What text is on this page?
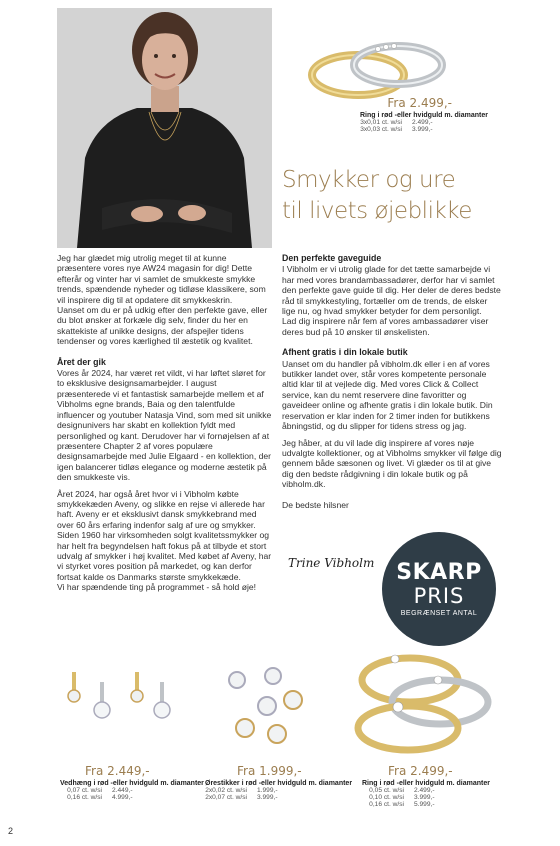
Fra 2.499,-
Ring i rød -eller hvidguld m. diamanter
3x0,01 ct. w/si 2.499,-
3x0,03 ct. w/si 3.999,-
Smykker og ure
til livets øjeblikke

Jeg har glædet mig utrolig meget til at kunne præsentere vores nye AW24 magasin for dig! Dette efterår og vinter har vi samlet de smukkeste smykke trends, spændende nyheder og tidløse klassikere, som vil inspirere dig til at opdatere dit smykkeskrin.

Uanset om du er på udkig efter den perfekte gave, eller du blot ønsker at forkæle dig selv, finder du her en skattekiste af unikke designs, der afspejler tidens tendenser og vores kærlighed til æstetik og kvalitet.

Året der gik

Vores år 2024, har været ret vildt, vi har løftet sløret for to eksklusive designsamarbejder. I august præsenterede vi et fantastisk samarbejde mellem et af Vibholms egne brands, Baia og den talentfulde influencer og youtuber Natasja Vind, som med sit unikke designunivers har skabt en kollektion fyldt med personlighed og kant. Derudover har vi fornøjelsen af at præsentere Chapter 2 af vores populære designsamarbejde med Julie Elgaard - en kollektion, der igen balancerer tidløs elegance og moderne æstetik på den smukkeste vis.

Året 2024, har også året hvor vi i Vibholm købte smykkekæden Aveny, og slikke en rejse vi allerede har haft. Aveny er et eksklusivt dansk smykkebrand med over 60 års erfaring indenfor salg af ure og smykker. Siden 1960 har virksomheden solgt kvalitetssmykker og har helt fra begyndelsen haft fokus på at tilbyde et stort udvalg af smykker i høj kvalitet. Med købet af Aveny, har vi styrket vores position på markedet, og kan derfor fortsat kalde os Danmarks største smykkekæde.

Vi har spændende ting på programmet - så hold øje!

Den perfekte gaveguide

I Vibholm er vi utrolig glade for det tætte samarbejde vi har med vores brandambassadører, derfor har vi samlet den perfekte gave guide til dig. Her deler de deres bedste råd til smykkestyling, fortæller om de trends, de elsker lige nu, og hvad smykker betyder for dem personligt.

Lad dig inspirere når fem af vores ambassadører viser deres bud på 10 ønsker til ønskelisten.

Afhent gratis i din lokale butik

Uanset om du handler på vibholm.dk eller i en af vores butikker landet over, står vores kompetente personale altid klar til at vejlede dig. Med vores Click & Collect service, kan du nemt reservere dine favoritter og gaveideer online og afhente gratis i din lokale butik. Din reservation er klar inden for 2 timer inden for butikkens åbningstid, og du slipper for tidens stress og jag.

Jeg håber, at du vil lade dig inspirere af vores nøje udvalgte kollektioner, og at Vibholms smykker vil følge dig gennem både sæsonen og livet. Vi glæder os til at give dig den bedste rådgivning i din lokale butik og på vibholm.dk.

De bedste hilsner

Trine Vibholm SKARP
PRIS
BEGRÆNSET ANTAL
Fra 2.449,-
Vedhæng i rød -eller hvidguld m. diamanter
0,07 ct. w/si 2.449,-
0,16 ct. w/si 4.999,-
Fra 1.999,-
Ørestikker i rød -eller hvidguld m. diamanter
2x0,02 ct. w/si 1.999,-
2x0,07 ct. w/si 3.999,-
Fra 2.499,-
Ring i rød -eller hvidguld m. diamanter
0,05 ct. w/si 2.499,-
0,10 ct. w/si 3.999,-
0,16 ct. w/si 5.999,-
2
